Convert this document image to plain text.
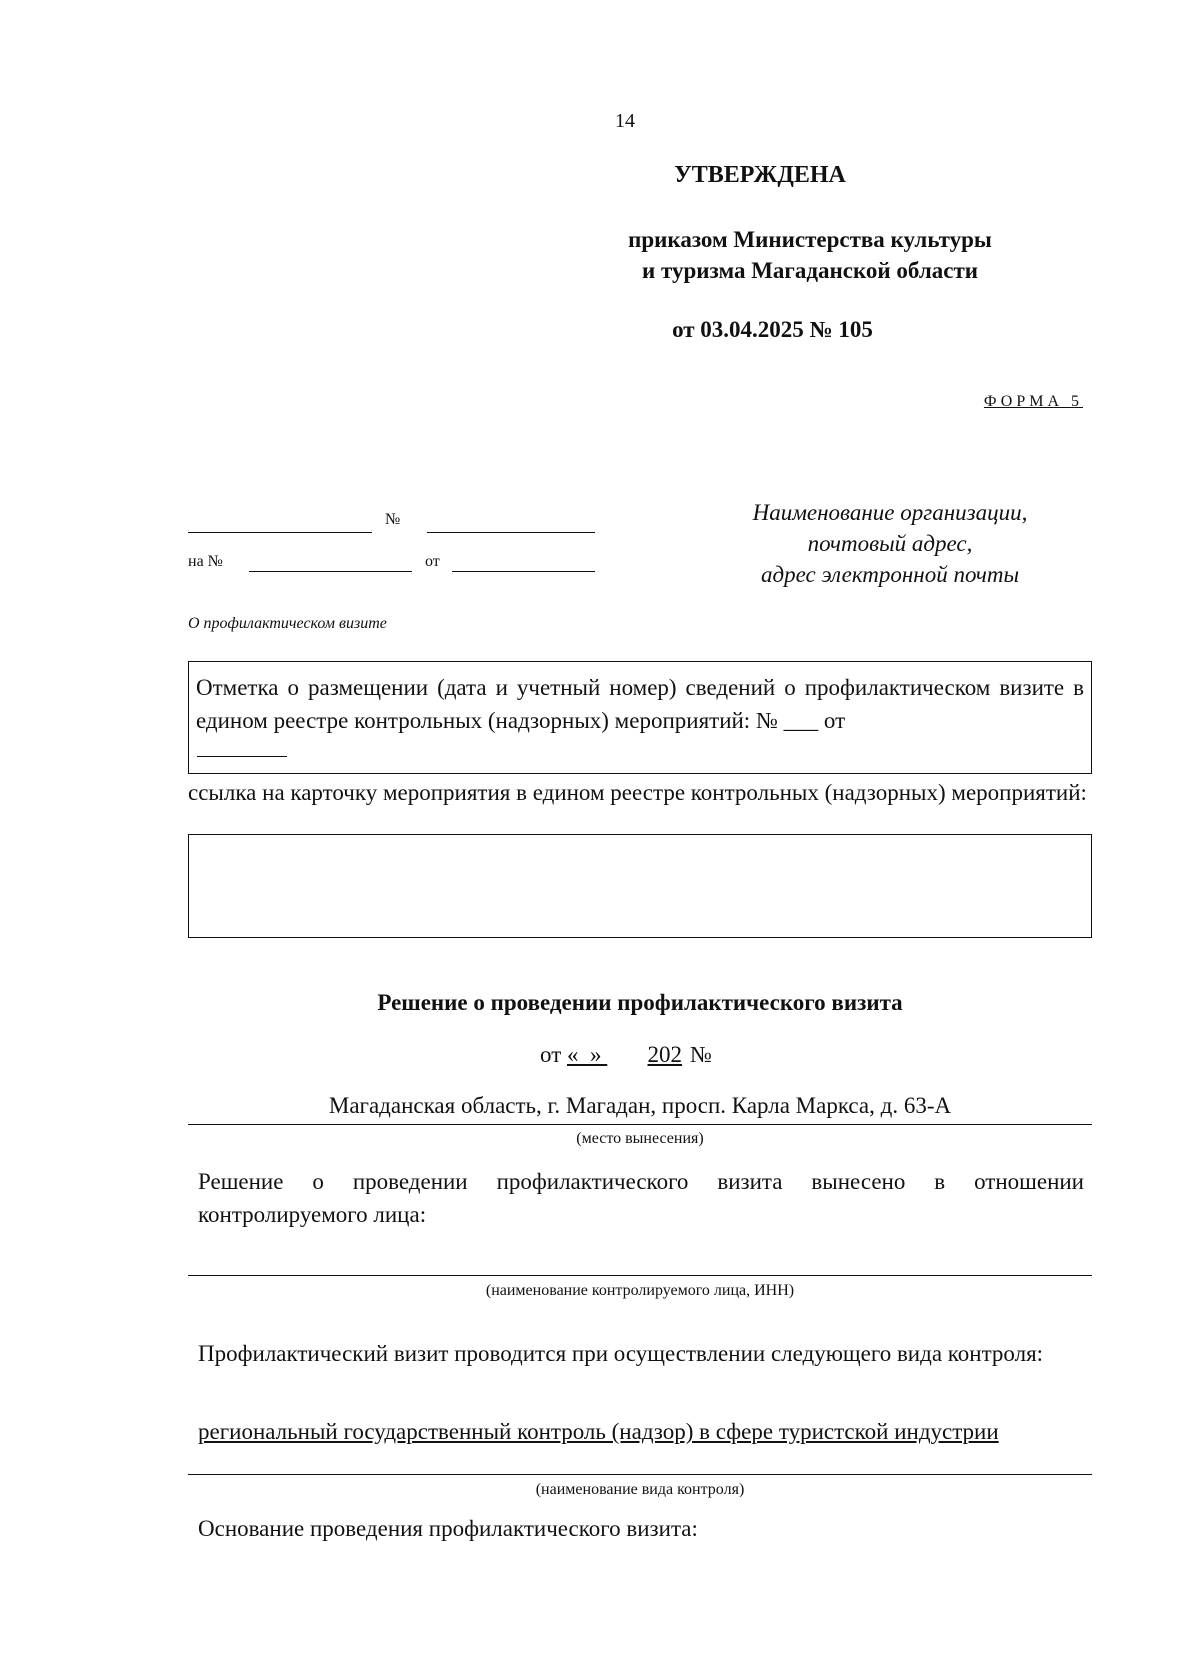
14
УТВЕРЖДЕНА
приказом Министерства культуры
и туризма Магаданской области
от 03.04.2025 № 105
ФОРМА 5
№
на №	от
Наименование организации,
почтовый адрес,
адрес электронной почты
О профилактическом визите
Отметка о размещении (дата и учетный номер) сведений о профилактическом визите в едином реестре контрольных (надзорных) мероприятий: № ___ от
ссылка на карточку мероприятия в едином реестре контрольных (надзорных) мероприятий:
Решение о проведении профилактического визита
от «  » 202 №
Магаданская область, г. Магадан, просп. Карла Маркса, д. 63-А
(место вынесения)
Решение о проведении профилактического визита вынесено в отношении контролируемого лица:
(наименование контролируемого лица, ИНН)
Профилактический визит проводится при осуществлении следующего вида контроля:
региональный государственный контроль (надзор) в сфере туристской индустрии
(наименование вида контроля)
Основание проведения профилактического визита:
